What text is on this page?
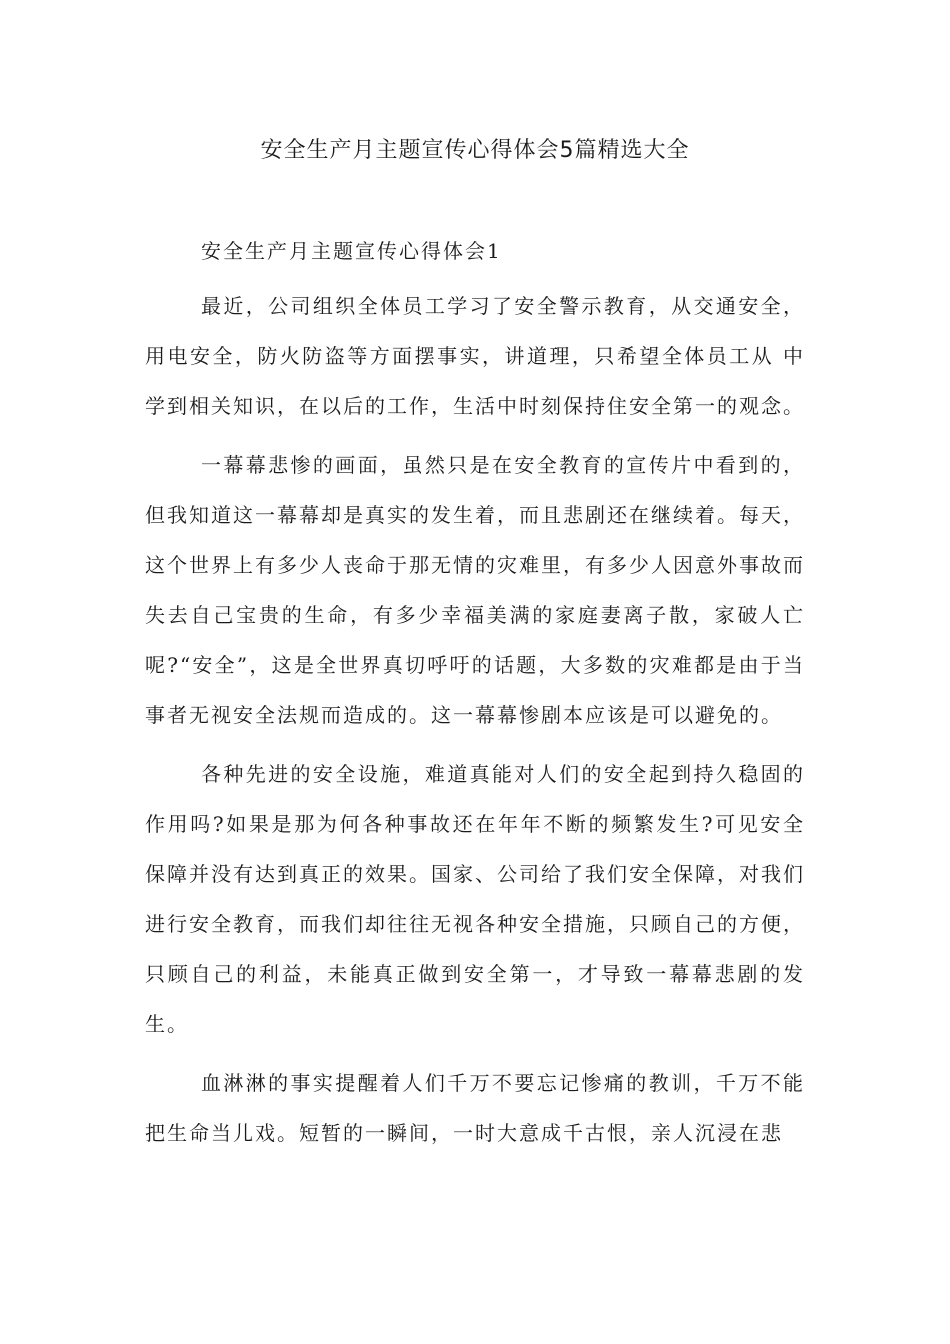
安全生产月主题宣传心得体会5篇精选大全
安全生产月主题宣传心得体会1

最近，公司组织全体员工学习了安全警示教育，从交通安全，用电安全，防火防盗等方面摆事实，讲道理，只希望全体员工从 中学到相关知识，在以后的工作，生活中时刻保持住安全第一的观念。

一幕幕悲惨的画面，虽然只是在安全教育的宣传片中看到的，但我知道这一幕幕却是真实的发生着，而且悲剧还在继续着。每天，这个世界上有多少人丧命于那无情的灾难里，有多少人因意外事故而失去自己宝贵的生命，有多少幸福美满的家庭妻离子散，家破人亡呢?“安全”，这是全世界真切呼吁的话题，大多数的灾难都是由于当事者无视安全法规而造成的。这一幕幕惨剧本应该是可以避免的。

各种先进的安全设施，难道真能对人们的安全起到持久稳固的作用吗?如果是那为何各种事故还在年年不断的频繁发生?可见安全保障并没有达到真正的效果。国家、公司给了我们安全保障，对我们进行安全教育，而我们却往往无视各种安全措施，只顾自己的方便，只顾自己的利益，未能真正做到安全第一，才导致一幕幕悲剧的发生。

血淋淋的事实提醒着人们千万不要忘记惨痛的教训，千万不能把生命当儿戏。短暂的一瞬间，一时大意成千古恨，亲人沉浸在悲
